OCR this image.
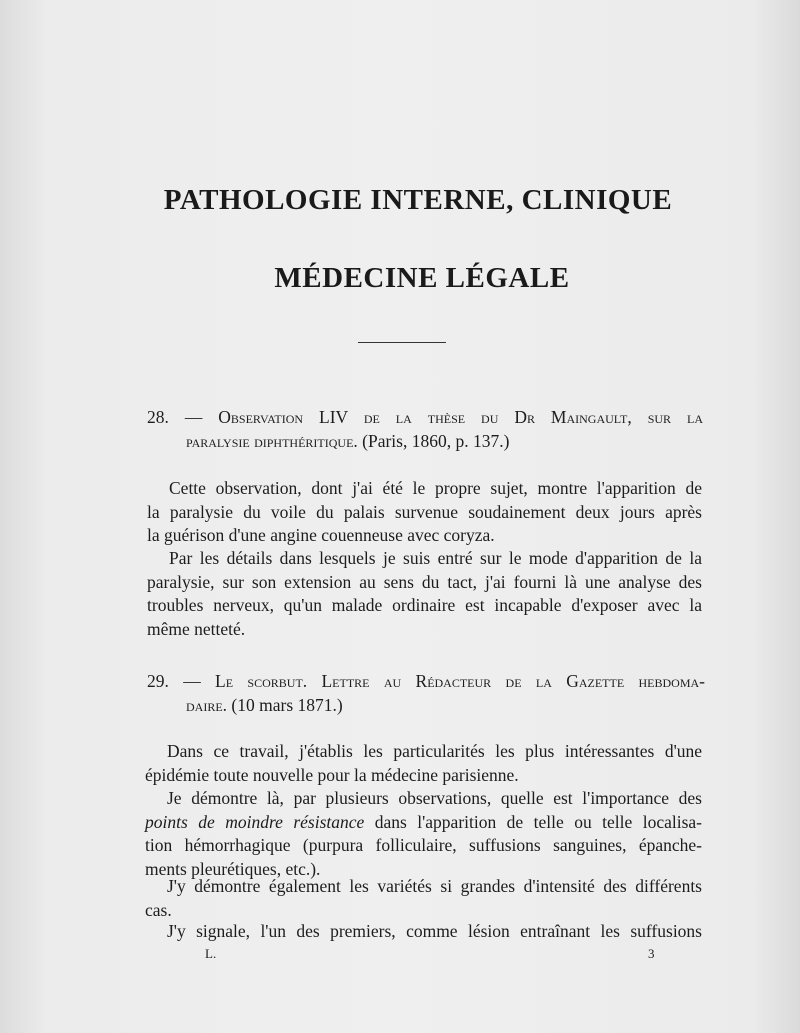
PATHOLOGIE INTERNE, CLINIQUE
MÉDECINE LÉGALE
28. — Observation LIV de la thèse du Dr Maingault, sur la
paralysie diphthéritique. (Paris, 1860, p. 137.)
Cette observation, dont j'ai été le propre sujet, montre l'apparition de
la paralysie du voile du palais survenue soudainement deux jours après
la guérison d'une angine couenneuse avec coryza.
Par les détails dans lesquels je suis entré sur le mode d'apparition de la
paralysie, sur son extension au sens du tact, j'ai fourni là une analyse des
troubles nerveux, qu'un malade ordinaire est incapable d'exposer avec la
même netteté.
29. — Le scorbut. Lettre au Rédacteur de la Gazette hebdoma-
daire. (10 mars 1871.)
Dans ce travail, j'établis les particularités les plus intéressantes d'une
épidémie toute nouvelle pour la médecine parisienne.
Je démontre là, par plusieurs observations, quelle est l'importance des
points de moindre résistance dans l'apparition de telle ou telle localisa-
tion hémorrhagique (purpura folliculaire, suffusions sanguines, épanche-
ments pleurétiques, etc.).
J'y démontre également les variétés si grandes d'intensité des différents
cas.
J'y signale, l'un des premiers, comme lésion entraînant les suffusions
L.	3
